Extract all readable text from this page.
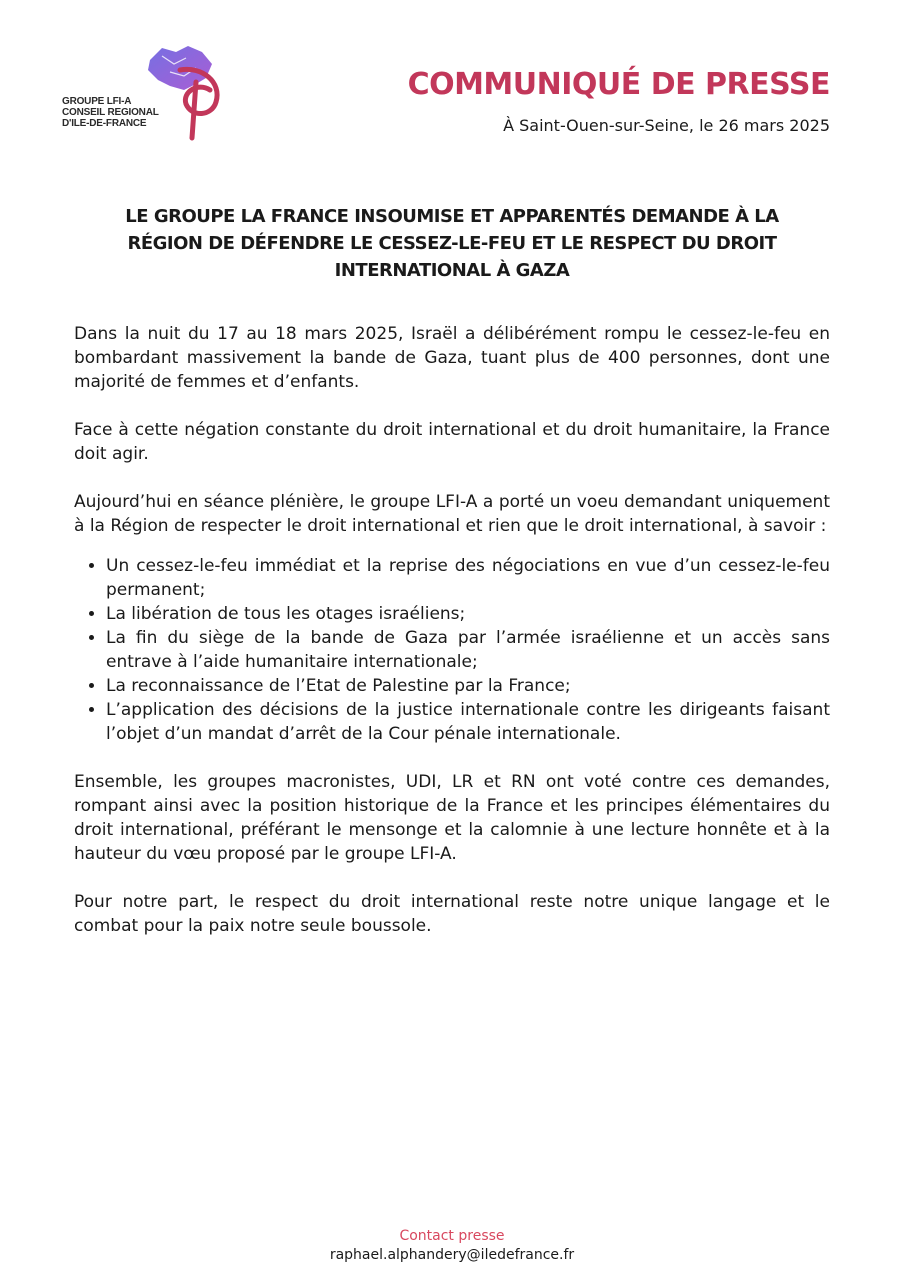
GROUPE LFI-A
CONSEIL REGIONAL
D'ILE-DE-FRANCE
COMMUNIQUÉ DE PRESSE
À Saint-Ouen-sur-Seine, le 26 mars 2025
LE GROUPE LA FRANCE INSOUMISE ET APPARENTÉS DEMANDE À LA RÉGION DE DÉFENDRE LE CESSEZ-LE-FEU ET LE RESPECT DU DROIT INTERNATIONAL À GAZA

Dans la nuit du 17 au 18 mars 2025, Israël a délibérément rompu le cessez-le-feu en bombardant massivement la bande de Gaza, tuant plus de 400 personnes, dont une majorité de femmes et d’enfants.

Face à cette négation constante du droit international et du droit humanitaire, la France doit agir.

Aujourd’hui en séance plénière, le groupe LFI-A a porté un voeu demandant uniquement à la Région de respecter le droit international et rien que le droit international, à savoir :

• Un cessez-le-feu immédiat et la reprise des négociations en vue d’un cessez-le-feu permanent;
• La libération de tous les otages israéliens;
• La fin du siège de la bande de Gaza par l’armée israélienne et un accès sans entrave à l’aide humanitaire internationale;
• La reconnaissance de l’Etat de Palestine par la France;
• L’application des décisions de la justice internationale contre les dirigeants faisant l’objet d’un mandat d’arrêt de la Cour pénale internationale.

Ensemble, les groupes macronistes, UDI, LR et RN ont voté contre ces demandes, rompant ainsi avec la position historique de la France et les principes élémentaires du droit international, préférant le mensonge et la calomnie à une lecture honnête et à la hauteur du vœu proposé par le groupe LFI-A.

Pour notre part, le respect du droit international reste notre unique langage et le combat pour la paix notre seule boussole.

Contact presse
raphael.alphandery@iledefrance.fr
